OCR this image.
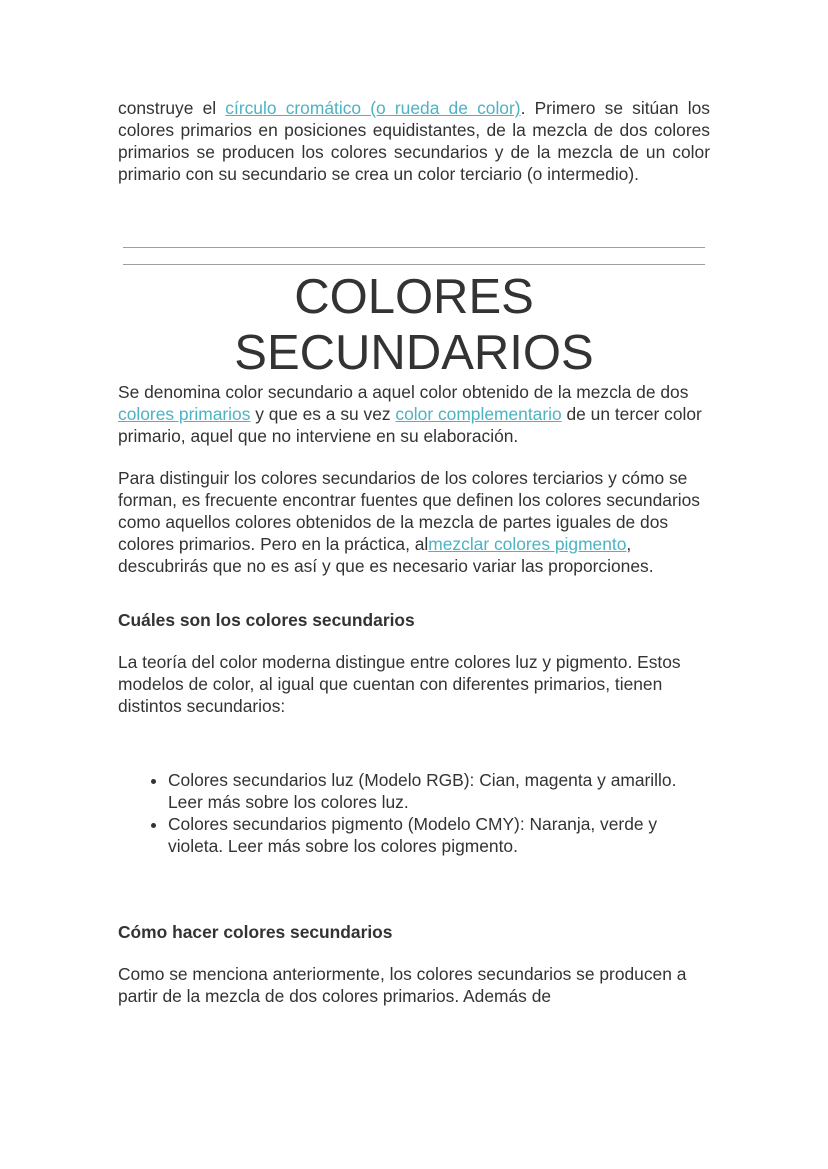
construye el círculo cromático (o rueda de color). Primero se sitúan los colores primarios en posiciones equidistantes, de la mezcla de dos colores primarios se producen los colores secundarios y de la mezcla de un color primario con su secundario se crea un color terciario (o intermedio).

COLORES
SECUNDARIOS

Se denomina color secundario a aquel color obtenido de la mezcla de dos colores primarios y que es a su vez color complementario de un tercer color primario, aquel que no interviene en su elaboración.

Para distinguir los colores secundarios de los colores terciarios y cómo se forman, es frecuente encontrar fuentes que definen los colores secundarios como aquellos colores obtenidos de la mezcla de partes iguales de dos colores primarios. Pero en la práctica, almezclar colores pigmento, descubrirás que no es así y que es necesario variar las proporciones.

Cuáles son los colores secundarios

La teoría del color moderna distingue entre colores luz y pigmento. Estos modelos de color, al igual que cuentan con diferentes primarios, tienen distintos secundarios:

• Colores secundarios luz (Modelo RGB): Cian, magenta y amarillo. Leer más sobre los colores luz.
• Colores secundarios pigmento (Modelo CMY): Naranja, verde y violeta. Leer más sobre los colores pigmento.

Cómo hacer colores secundarios

Como se menciona anteriormente, los colores secundarios se producen a partir de la mezcla de dos colores primarios. Además de
